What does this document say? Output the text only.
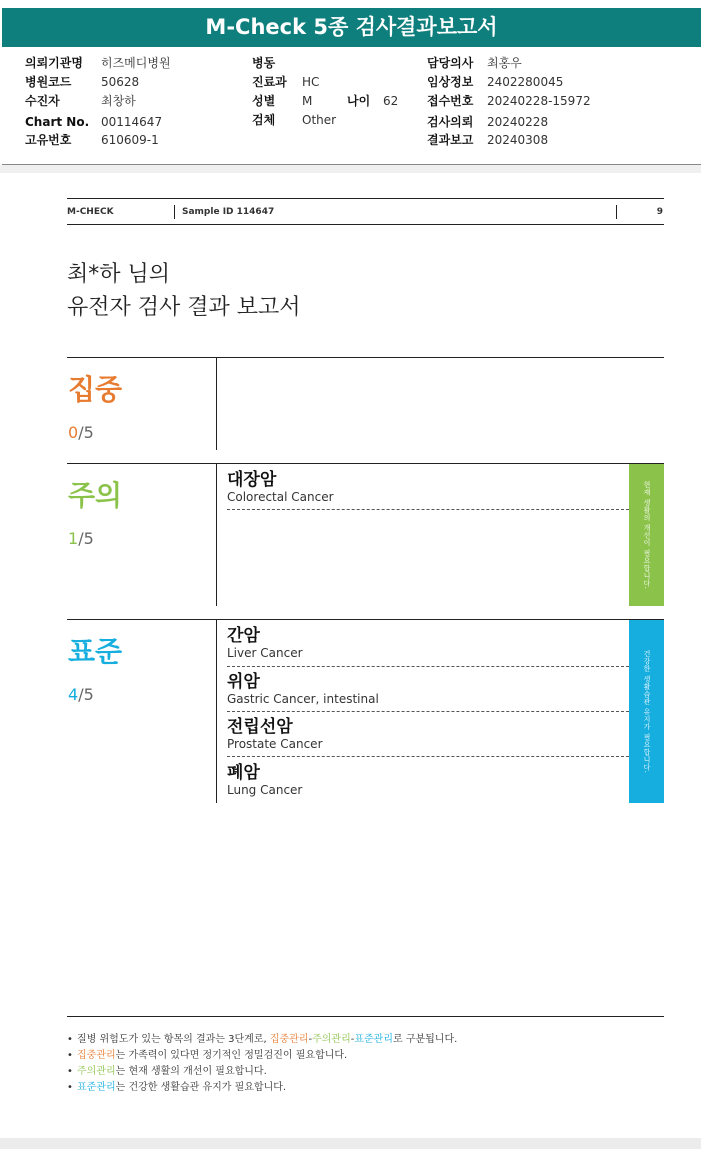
M-Check 5종 검사결과보고서
의뢰기관명 히즈메디병원
병원코드 50628
수진자	최창하
Chart No. 00114647
고유번호 610609-1
병동
진료과 HC
성별 M	나이 62
검체 Other
담당의사 최홍우
임상정보 2402280045
접수번호 20240228-15972
검사의뢰 20240228
결과보고 20240308
M-CHECK	Sample ID 114647	9
최*하 님의
유전자 검사 결과 보고서
집중
0/5
주의
1/5
대장암
Colorectal Cancer	현재 생활의 개선이 필요합니다.
표준
4/5
간암
Liver Cancer
위암
Gastric Cancer, intestinal
전립선암
Prostate Cancer
폐암
Lung Cancer
건강한 생활습관 유지가 필요합니다.
• 질병 위험도가 있는 항목의 결과는 3단계로, 집중관리-주의관리-표준관리로 구분됩니다.
• 집중관리는 가족력이 있다면 정기적인 정밀검진이 필요합니다.
• 주의관리는 현재 생활의 개선이 필요합니다.
• 표준관리는 건강한 생활습관 유지가 필요합니다.
